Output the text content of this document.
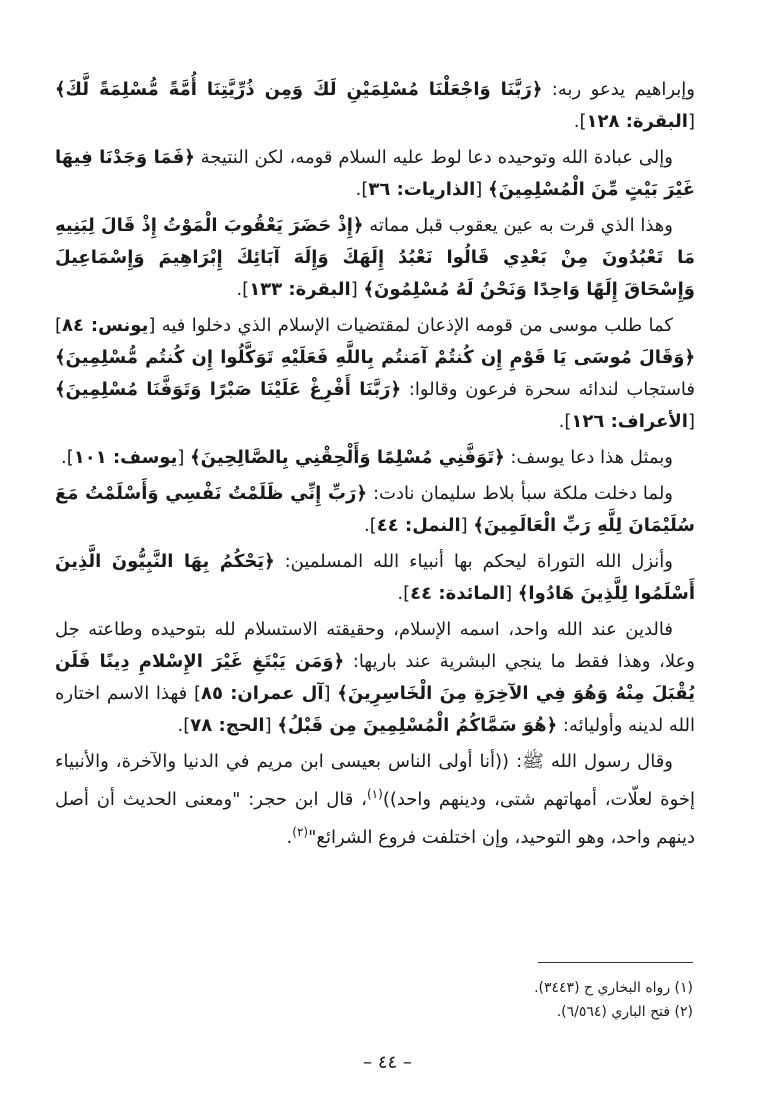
وإبراهيم يدعو ربه: ﴿رَبَّنَا وَاجْعَلْنَا مُسْلِمَيْنِ لَكَ وَمِن ذُرِّيَّتِنَا أُمَّةً مُّسْلِمَةً لَّكَ﴾ [البقرة: ١٢٨].

وإلى عبادة الله وتوحيده دعا لوط عليه السلام قومه، لكن النتيجة ﴿فَمَا وَجَدْنَا فِيهَا غَيْرَ بَيْتٍ مِّنَ الْمُسْلِمِينَ﴾ [الذاريات: ٣٦].

وهذا الذي قرت به عين يعقوب قبل مماته ﴿إِذْ حَضَرَ يَعْقُوبَ الْمَوْتُ إِذْ قَالَ لِبَنِيهِ مَا تَعْبُدُونَ مِنْ بَعْدِي قَالُوا نَعْبُدُ إِلَهَكَ وَإِلَهَ آبَائِكَ إِبْرَاهِيمَ وَإِسْمَاعِيلَ وَإِسْحَاقَ إِلَهًا وَاحِدًا وَنَحْنُ لَهُ مُسْلِمُونَ﴾ [البقرة: ١٣٣].

كما طلب موسى من قومه الإذعان لمقتضيات الإسلام الذي دخلوا فيه [يونس: ٨٤] ﴿وَقَالَ مُوسَى يَا قَوْمِ إِن كُنتُمْ آمَنتُم بِاللَّهِ فَعَلَيْهِ تَوَكَّلُوا إِن كُنتُم مُّسْلِمِينَ﴾ فاستجاب لندائه سحرة فرعون وقالوا: ﴿رَبَّنَا أَفْرِغْ عَلَيْنَا صَبْرًا وَتَوَفَّنَا مُسْلِمِينَ﴾ [الأعراف: ١٢٦].

وبمثل هذا دعا يوسف: ﴿تَوَفَّنِي مُسْلِمًا وَأَلْحِقْنِي بِالصَّالِحِينَ﴾ [يوسف: ١٠١].

ولما دخلت ملكة سبأ بلاط سليمان نادت: ﴿رَبِّ إِنِّي ظَلَمْتُ نَفْسِي وَأَسْلَمْتُ مَعَ سُلَيْمَانَ لِلَّهِ رَبِّ الْعَالَمِينَ﴾ [النمل: ٤٤].

وأنزل الله التوراة ليحكم بها أنبياء الله المسلمين: ﴿يَحْكُمُ بِهَا النَّبِيُّونَ الَّذِينَ أَسْلَمُوا لِلَّذِينَ هَادُوا﴾ [المائدة: ٤٤].

فالدين عند الله واحد، اسمه الإسلام، وحقيقته الاستسلام لله بتوحيده وطاعته جل وعلا، وهذا فقط ما ينجي البشرية عند باريها: ﴿وَمَن يَبْتَغِ غَيْرَ الإِسْلامِ دِينًا فَلَن يُقْبَلَ مِنْهُ وَهُوَ فِي الآخِرَةِ مِنَ الْخَاسِرِينَ﴾ [آل عمران: ٨٥] فهذا الاسم اختاره الله لدينه وأوليائه: ﴿هُوَ سَمَّاكُمُ الْمُسْلِمِينَ مِن قَبْلُ﴾ [الحج: ٧٨].

وقال رسول الله ﷺ: ((أنا أولى الناس بعيسى ابن مريم في الدنيا والآخرة، والأنبياء إخوة لعلّات، أمهاتهم شتى، ودينهم واحد))$^{(١)}$، قال ابن حجر: "ومعنى الحديث أن أصل دينهم واحد، وهو التوحيد، وإن اختلفت فروع الشرائع"$^{(٢)}$.

(١) رواه البخاري ح (٣٤٤٣).
(٢) فتح الباري (٦/٥٦٤).
– ٤٤ –
